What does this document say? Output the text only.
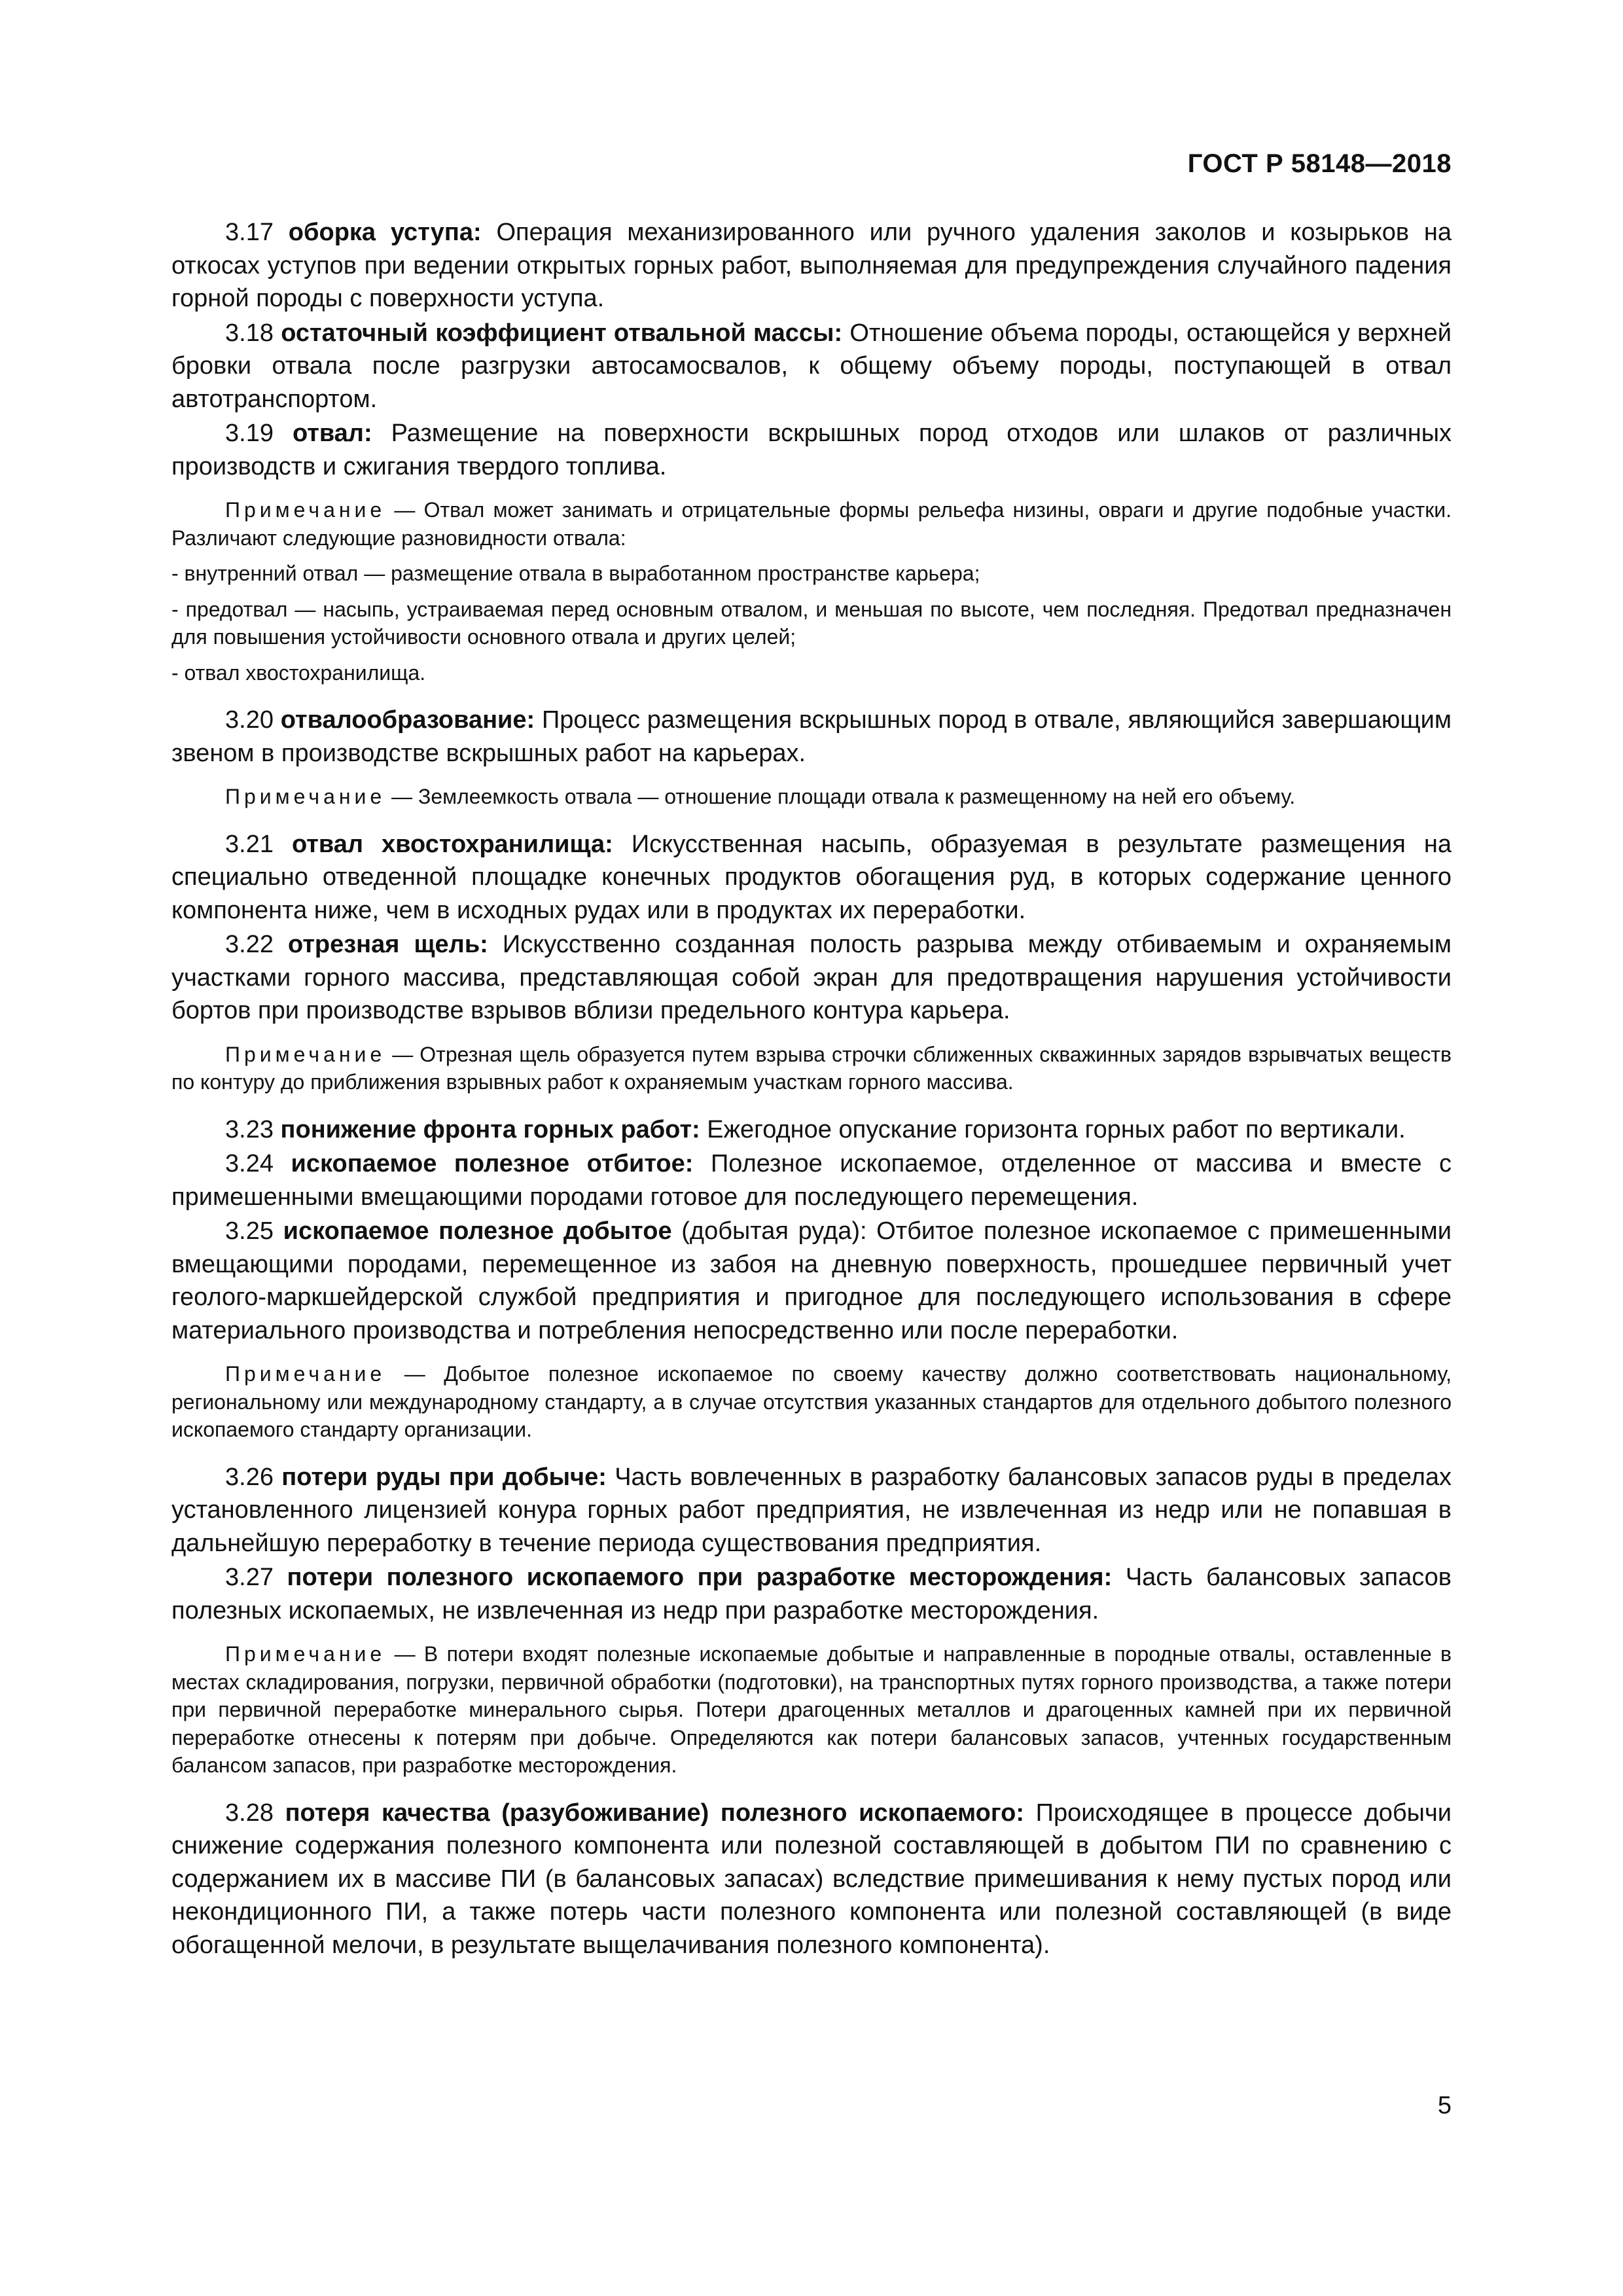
ГОСТ Р 58148—2018

3.17 оборка уступа: Операция механизированного или ручного удаления заколов и козырьков на откосах уступов при ведении открытых горных работ, выполняемая для предупреждения случайного падения горной породы с поверхности уступа.

3.18 остаточный коэффициент отвальной массы: Отношение объема породы, остающейся у верхней бровки отвала после разгрузки автосамосвалов, к общему объему породы, поступающей в отвал автотранспортом.

3.19 отвал: Размещение на поверхности вскрышных пород отходов или шлаков от различных производств и сжигания твердого топлива.

Примечание — Отвал может занимать и отрицательные формы рельефа низины, овраги и другие подобные участки. Различают следующие разновидности отвала:

- внутренний отвал — размещение отвала в выработанном пространстве карьера;

- предотвал — насыпь, устраиваемая перед основным отвалом, и меньшая по высоте, чем последняя. Предотвал предназначен для повышения устойчивости основного отвала и других целей;

- отвал хвостохранилища.

3.20 отвалообразование: Процесс размещения вскрышных пород в отвале, являющийся завершающим звеном в производстве вскрышных работ на карьерах.

Примечание — Землеемкость отвала — отношение площади отвала к размещенному на ней его объему.

3.21 отвал хвостохранилища: Искусственная насыпь, образуемая в результате размещения на специально отведенной площадке конечных продуктов обогащения руд, в которых содержание ценного компонента ниже, чем в исходных рудах или в продуктах их переработки.

3.22 отрезная щель: Искусственно созданная полость разрыва между отбиваемым и охраняемым участками горного массива, представляющая собой экран для предотвращения нарушения устойчивости бортов при производстве взрывов вблизи предельного контура карьера.

Примечание — Отрезная щель образуется путем взрыва строчки сближенных скважинных зарядов взрывчатых веществ по контуру до приближения взрывных работ к охраняемым участкам горного массива.

3.23 понижение фронта горных работ: Ежегодное опускание горизонта горных работ по вертикали.

3.24 ископаемое полезное отбитое: Полезное ископаемое, отделенное от массива и вместе с примешенными вмещающими породами готовое для последующего перемещения.

3.25 ископаемое полезное добытое (добытая руда): Отбитое полезное ископаемое с примешенными вмещающими породами, перемещенное из забоя на дневную поверхность, прошедшее первичный учет геолого-маркшейдерской службой предприятия и пригодное для последующего использования в сфере материального производства и потребления непосредственно или после переработки.

Примечание — Добытое полезное ископаемое по своему качеству должно соответствовать национальному, региональному или международному стандарту, а в случае отсутствия указанных стандартов для отдельного добытого полезного ископаемого стандарту организации.

3.26 потери руды при добыче: Часть вовлеченных в разработку балансовых запасов руды в пределах установленного лицензией конура горных работ предприятия, не извлеченная из недр или не попавшая в дальнейшую переработку в течение периода существования предприятия.

3.27 потери полезного ископаемого при разработке месторождения: Часть балансовых запасов полезных ископаемых, не извлеченная из недр при разработке месторождения.

Примечание — В потери входят полезные ископаемые добытые и направленные в породные отвалы, оставленные в местах складирования, погрузки, первичной обработки (подготовки), на транспортных путях горного производства, а также потери при первичной переработке минерального сырья. Потери драгоценных металлов и драгоценных камней при их первичной переработке отнесены к потерям при добыче. Определяются как потери балансовых запасов, учтенных государственным балансом запасов, при разработке месторождения.

3.28 потеря качества (разубоживание) полезного ископаемого: Происходящее в процессе добычи снижение содержания полезного компонента или полезной составляющей в добытом ПИ по сравнению с содержанием их в массиве ПИ (в балансовых запасах) вследствие примешивания к нему пустых пород или некондиционного ПИ, а также потерь части полезного компонента или полезной составляющей (в виде обогащенной мелочи, в результате выщелачивания полезного компонента).

5
